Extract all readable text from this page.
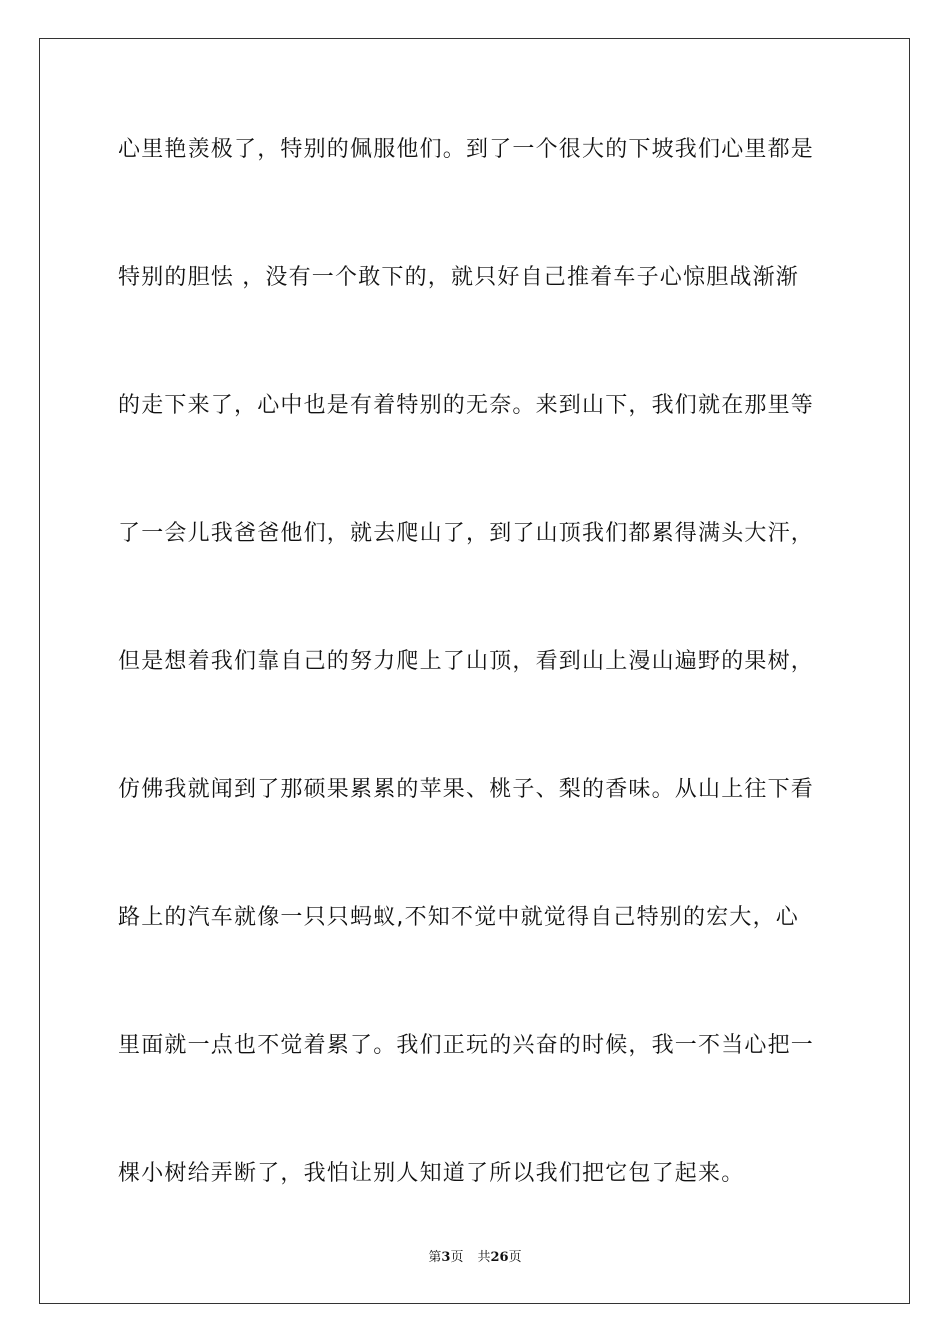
心里艳羡极了，特别的佩服他们。到了一个很大的下坡我们心里都是
特别的胆怯 ，没有一个敢下的，就只好自己推着车子心惊胆战渐渐
的走下来了，心中也是有着特别的无奈。来到山下，我们就在那里等
了一会儿我爸爸他们，就去爬山了，到了山顶我们都累得满头大汗，
但是想着我们靠自己的努力爬上了山顶，看到山上漫山遍野的果树，
仿佛我就闻到了那硕果累累的苹果、桃子、梨的香味。从山上往下看
路上的汽车就像一只只蚂蚁,不知不觉中就觉得自己特别的宏大，心
里面就一点也不觉着累了。我们正玩的兴奋的时候，我一不当心把一
棵小树给弄断了，我怕让别人知道了所以我们把它包了起来。
第3页 共26页
